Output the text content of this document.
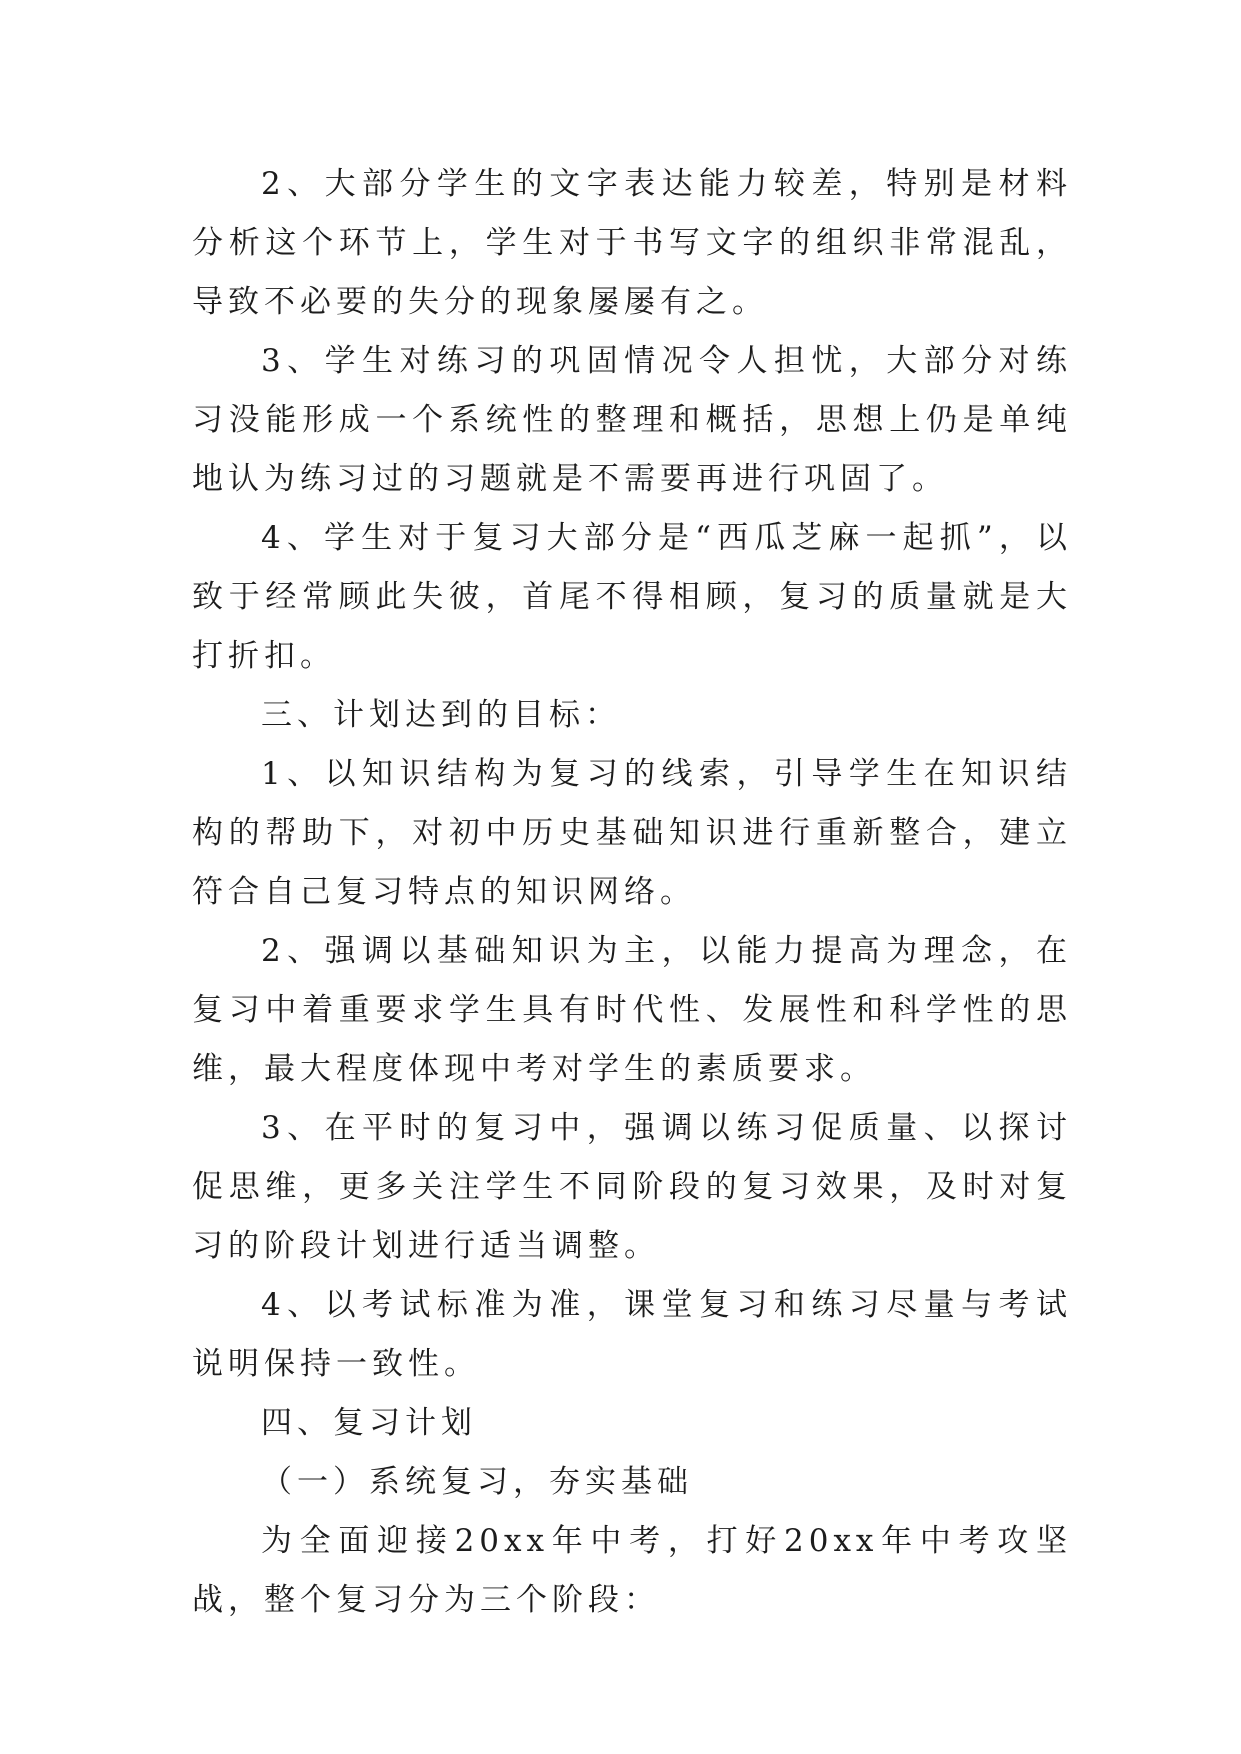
2、大部分学生的文字表达能力较差，特别是材料分析这个环节上，学生对于书写文字的组织非常混乱，导致不必要的失分的现象屡屡有之。

3、学生对练习的巩固情况令人担忧，大部分对练习没能形成一个系统性的整理和概括，思想上仍是单纯地认为练习过的习题就是不需要再进行巩固了。

4、学生对于复习大部分是“西瓜芝麻一起抓”，以致于经常顾此失彼，首尾不得相顾，复习的质量就是大打折扣。

三、计划达到的目标：

1、以知识结构为复习的线索，引导学生在知识结构的帮助下，对初中历史基础知识进行重新整合，建立符合自己复习特点的知识网络。

2、强调以基础知识为主，以能力提高为理念，在复习中着重要求学生具有时代性、发展性和科学性的思维，最大程度体现中考对学生的素质要求。

3、在平时的复习中，强调以练习促质量、以探讨促思维，更多关注学生不同阶段的复习效果，及时对复习的阶段计划进行适当调整。

4、以考试标准为准，课堂复习和练习尽量与考试说明保持一致性。

四、复习计划

（一）系统复习，夯实基础

为全面迎接20xx年中考，打好20xx年中考攻坚战，整个复习分为三个阶段：
